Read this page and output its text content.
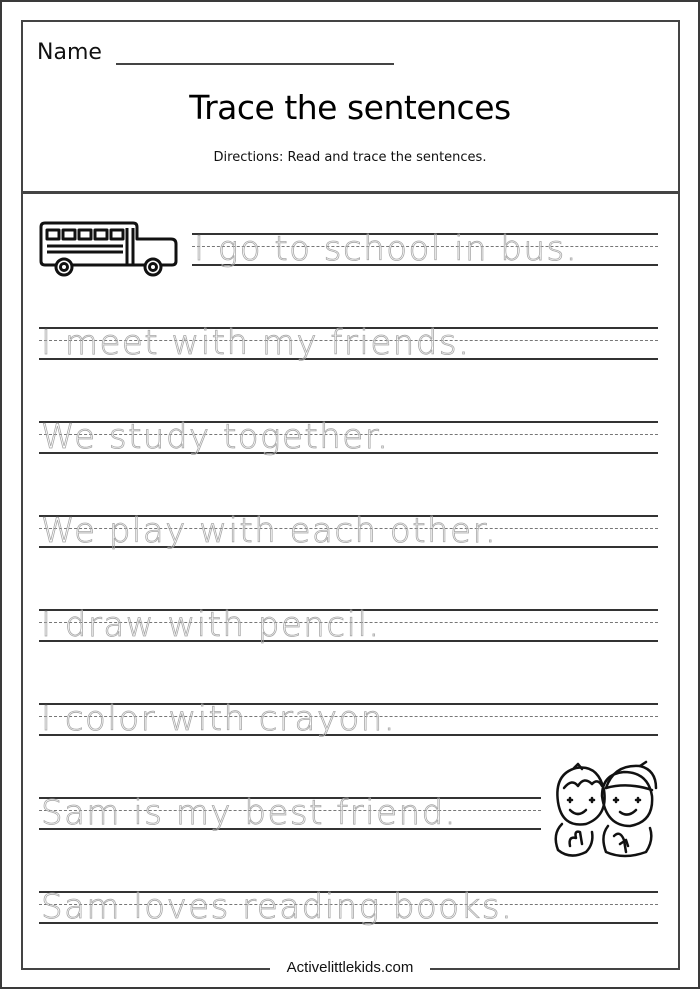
Name
Trace the sentences
Directions: Read and trace the sentences.
I go to school in bus.
I meet with my friends.
We study together.
We play with each other.
I draw with pencil.
I color with crayon.
Sam is my best friend.
Sam loves reading books.
Activelittlekids.com
